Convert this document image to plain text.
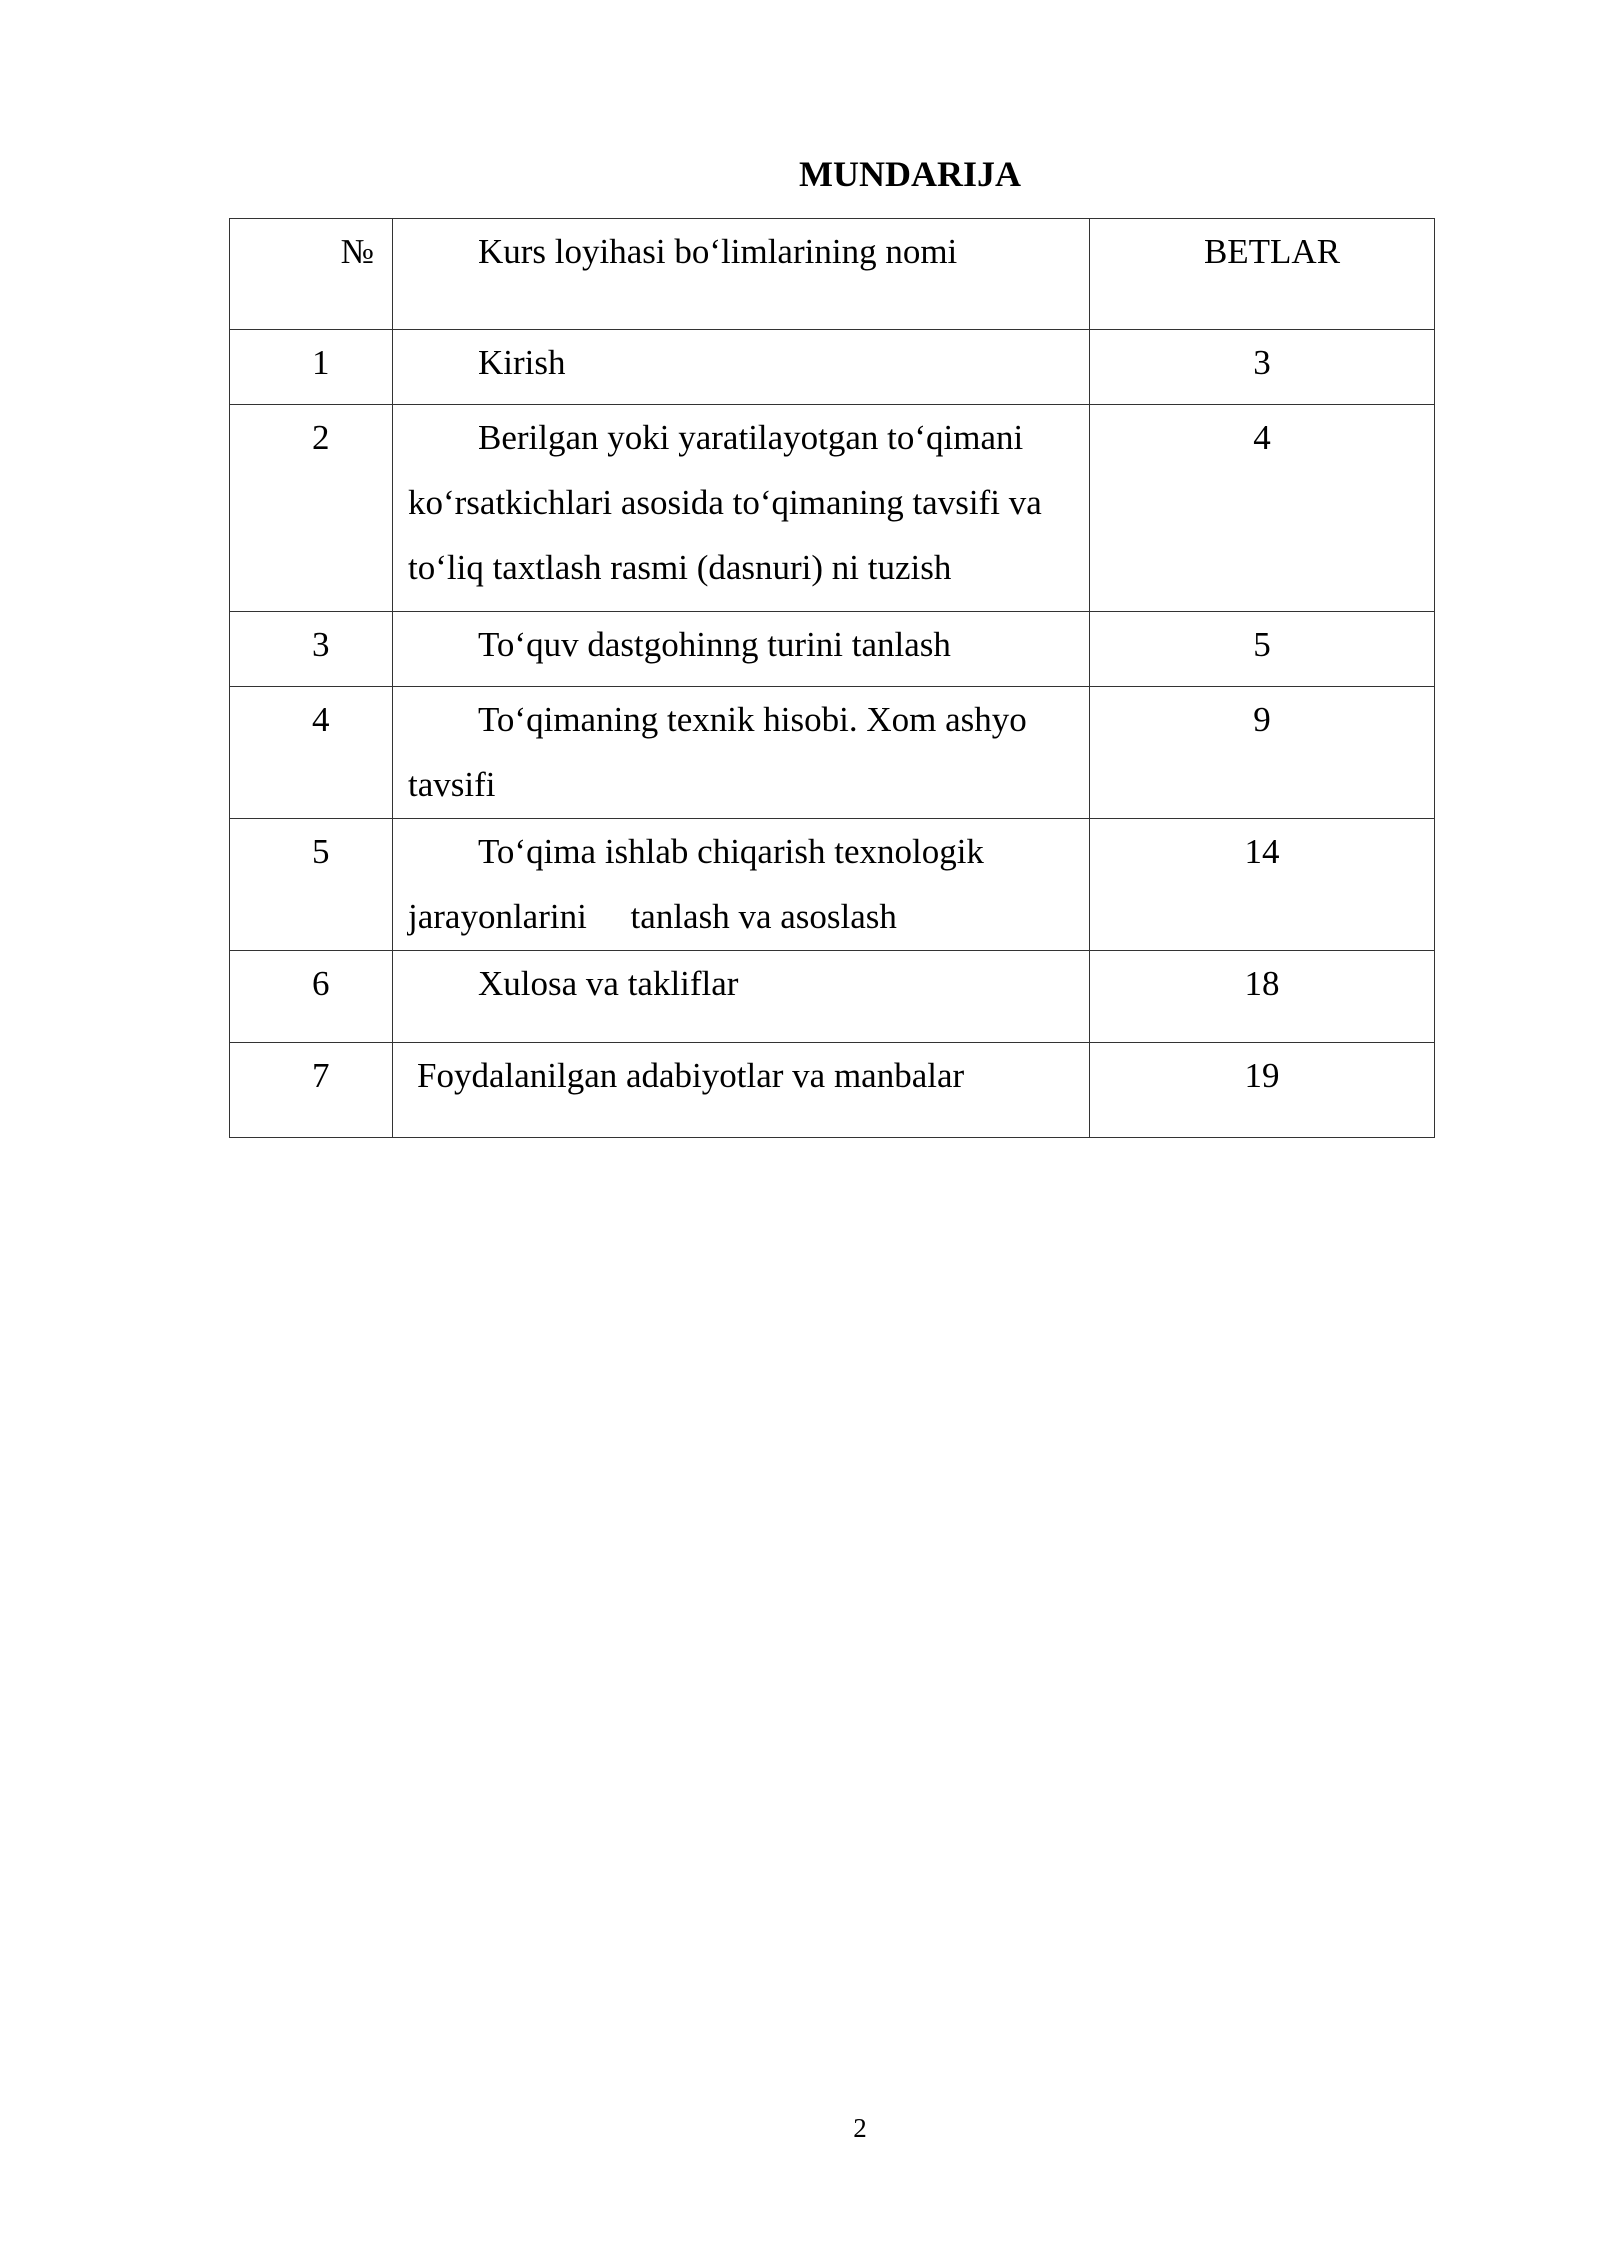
MUNDARIJA
№	Kurs loyihasi bo‘limlarining nomi	BETLAR
1	Kirish	3
2	Berilgan yoki yaratilayotgan to‘qimani ko‘rsatkichlari asosida to‘qimaning tavsifi va to‘liq taxtlash rasmi (dasnuri) ni tuzish	4
3	To‘quv dastgohinng turini tanlash	5
4	To‘qimaning texnik hisobi. Xom ashyo tavsifi	9
5	To‘qima ishlab chiqarish texnologik jarayonlarini     tanlash va asoslash	14
6	Xulosa va takliflar	18
7	Foydalanilgan adabiyotlar va manbalar	19
2
